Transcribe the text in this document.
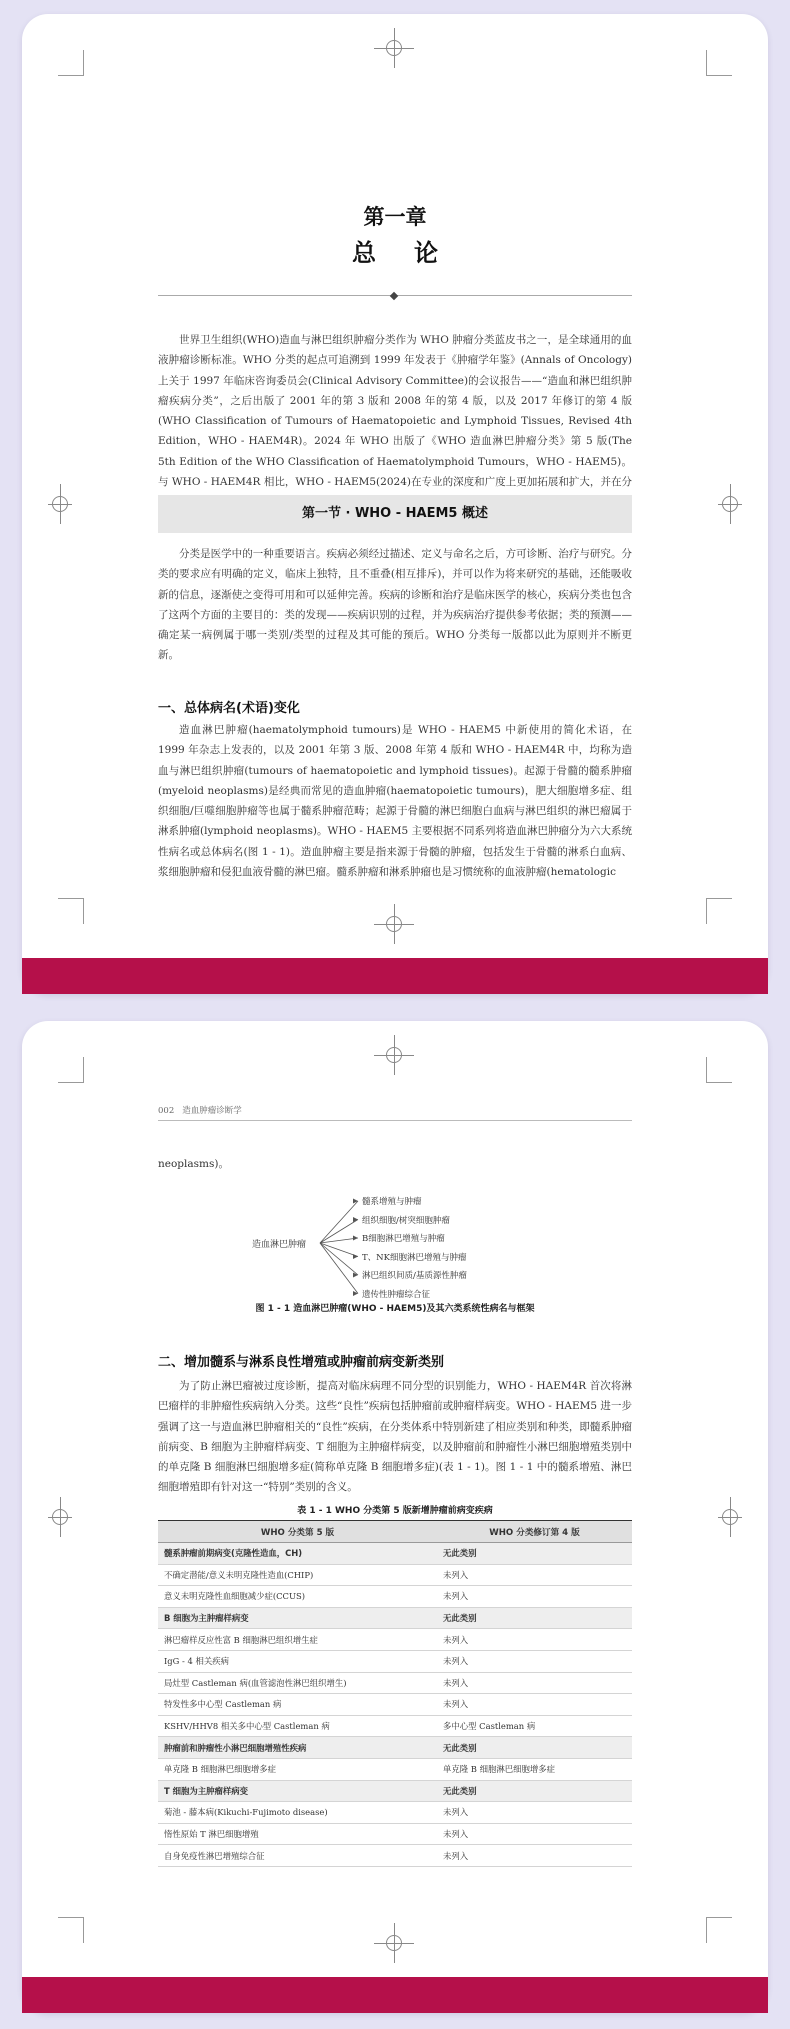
第一章
总论

世界卫生组织(WHO)造血与淋巴组织肿瘤分类作为 WHO 肿瘤分类蓝皮书之一，是全球通用的血液肿瘤诊断标准。WHO 分类的起点可追溯到 1999 年发表于《肿瘤学年鉴》(Annals of Oncology)上关于 1997 年临床咨询委员会(Clinical Advisory Committee)的会议报告——“造血和淋巴组织肿瘤疾病分类”，之后出版了 2001 年的第 3 版和 2008 年的第 4 版，以及 2017 年修订的第 4 版(WHO Classification of Tumours of Haematopoietic and Lymphoid Tissues, Revised 4th Edition，WHO - HAEM4R)。2024 年 WHO 出版了《WHO 造血淋巴肿瘤分类》第 5 版(The 5th Edition of the WHO Classification of Haematolymphoid Tumours，WHO - HAEM5)。与 WHO - HAEM4R 相比，WHO - HAEM5(2024)在专业的深度和广度上更加拓展和扩大，并在分

第一节 · WHO - HAEM5 概述

分类是医学中的一种重要语言。疾病必须经过描述、定义与命名之后，方可诊断、治疗与研究。分类的要求应有明确的定义，临床上独特，且不重叠(相互排斥)，并可以作为将来研究的基础，还能吸收新的信息，逐渐使之变得可用和可以延伸完善。疾病的诊断和治疗是临床医学的核心，疾病分类也包含了这两个方面的主要目的：类的发现——疾病识别的过程，并为疾病治疗提供参考依据；类的预测——确定某一病例属于哪一类别/类型的过程及其可能的预后。WHO 分类每一版都以此为原则并不断更新。

一、总体病名(术语)变化

造血淋巴肿瘤(haematolymphoid tumours)是 WHO - HAEM5 中新使用的简化术语，在 1999 年杂志上发表的，以及 2001 年第 3 版、2008 年第 4 版和 WHO - HAEM4R 中，均称为造血与淋巴组织肿瘤(tumours of haematopoietic and lymphoid tissues)。起源于骨髓的髓系肿瘤(myeloid neoplasms)是经典而常见的造血肿瘤(haematopoietic tumours)，肥大细胞增多症、组织细胞/巨噬细胞肿瘤等也属于髓系肿瘤范畴；起源于骨髓的淋巴细胞白血病与淋巴组织的淋巴瘤属于淋系肿瘤(lymphoid neoplasms)。WHO - HAEM5 主要根据不同系列将造血淋巴肿瘤分为六大系统性病名或总体病名(图 1 - 1)。造血肿瘤主要是指来源于骨髓的肿瘤，包括发生于骨髓的淋系白血病、浆细胞肿瘤和侵犯血液骨髓的淋巴瘤。髓系肿瘤和淋系肿瘤也是习惯统称的血液肿瘤(hematologic

002 造血肿瘤诊断学
neoplasms)。
造血淋巴肿瘤
髓系增殖与肿瘤
组织细胞/树突细胞肿瘤
B细胞淋巴增殖与肿瘤
T、NK细胞淋巴增殖与肿瘤
淋巴组织间质/基质源性肿瘤
遗传性肿瘤综合征
图 1 - 1 造血淋巴肿瘤(WHO - HAEM5)及其六类系统性病名与框架
二、增加髓系与淋系良性增殖或肿瘤前病变新类别

为了防止淋巴瘤被过度诊断，提高对临床病理不同分型的识别能力，WHO - HAEM4R 首次将淋巴瘤样的非肿瘤性疾病纳入分类。这些“良性”疾病包括肿瘤前或肿瘤样病变。WHO - HAEM5 进一步强调了这一与造血淋巴肿瘤相关的“良性”疾病，在分类体系中特别新建了相应类别和种类，即髓系肿瘤前病变、B 细胞为主肿瘤样病变、T 细胞为主肿瘤样病变，以及肿瘤前和肿瘤性小淋巴细胞增殖类别中的单克隆 B 细胞淋巴细胞增多症(简称单克隆 B 细胞增多症)(表 1 - 1)。图 1 - 1 中的髓系增殖、淋巴细胞增殖即有针对这一“特别”类别的含义。

表 1 - 1 WHO 分类第 5 版新增肿瘤前病变疾病
WHO 分类第 5 版	WHO 分类修订第 4 版
髓系肿瘤前期病变(克隆性造血，CH)	无此类别
不确定潜能/意义未明克隆性造血(CHIP)	未列入
意义未明克隆性血细胞减少症(CCUS)	未列入
B 细胞为主肿瘤样病变	无此类别
淋巴瘤样反应性富 B 细胞淋巴组织增生症	未列入
IgG - 4 相关疾病	未列入
局灶型 Castleman 病(血管滤泡性淋巴组织增生)	未列入
特发性多中心型 Castleman 病	未列入
KSHV/HHV8 相关多中心型 Castleman 病	多中心型 Castleman 病
肿瘤前和肿瘤性小淋巴细胞增殖性疾病	无此类别
单克隆 B 细胞淋巴细胞增多症	单克隆 B 细胞淋巴细胞增多症
T 细胞为主肿瘤样病变	无此类别
菊池 - 藤本病(Kikuchi-Fujimoto disease)	未列入
惰性原始 T 淋巴细胞增殖	未列入
自身免疫性淋巴增殖综合征	未列入
